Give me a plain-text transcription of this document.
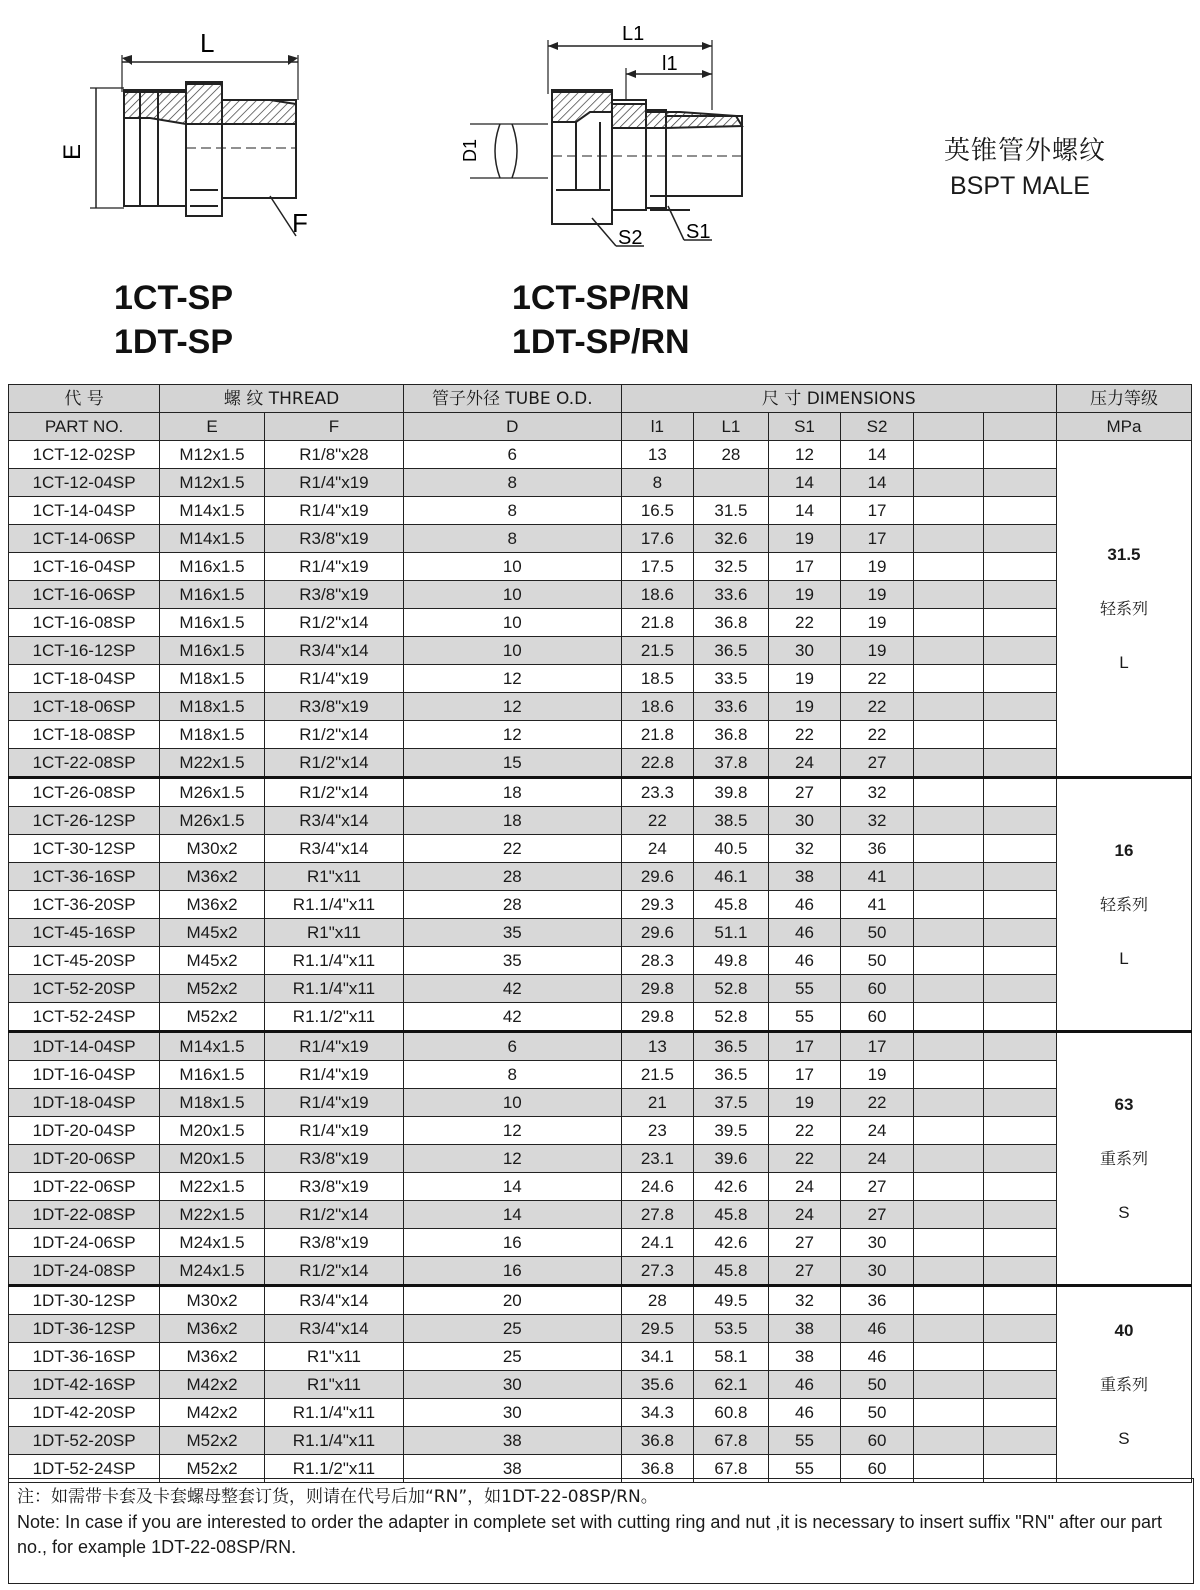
L
E
F
L1
l1
D1
S2 S1
1CT-SP
1DT-SP
1CT-SP/RN
1DT-SP/RN
英锥管外螺纹
BSPT MALE
代 号	螺 纹 THREAD		管子外径 TUBE O.D.	尺 寸 DIMENSIONS						压力等级
PART NO.	E	F	D	l1	L1	S1	S2			MPa
1CT-12-02SP	M12x1.5	R1/8"x28	6	13	28	12	14			31.5
轻系列
L

1CT-12-04SP	M12x1.5	R1/4"x19	8	8		14	14			
1CT-14-04SP	M14x1.5	R1/4"x19	8	16.5	31.5	14	17			
1CT-14-06SP	M14x1.5	R3/8"x19	8	17.6	32.6	19	17			
1CT-16-04SP	M16x1.5	R1/4"x19	10	17.5	32.5	17	19			
1CT-16-06SP	M16x1.5	R3/8"x19	10	18.6	33.6	19	19			
1CT-16-08SP	M16x1.5	R1/2"x14	10	21.8	36.8	22	19			
1CT-16-12SP	M16x1.5	R3/4"x14	10	21.5	36.5	30	19			
1CT-18-04SP	M18x1.5	R1/4"x19	12	18.5	33.5	19	22			
1CT-18-06SP	M18x1.5	R3/8"x19	12	18.6	33.6	19	22			
1CT-18-08SP	M18x1.5	R1/2"x14	12	21.8	36.8	22	22			
1CT-22-08SP	M22x1.5	R1/2"x14	15	22.8	37.8	24	27			
1CT-26-08SP	M26x1.5	R1/2"x14	18	23.3	39.8	27	32			16
轻系列
L

1CT-26-12SP	M26x1.5	R3/4"x14	18	22	38.5	30	32			
1CT-30-12SP	M30x2	R3/4"x14	22	24	40.5	32	36			
1CT-36-16SP	M36x2	R1"x11	28	29.6	46.1	38	41			
1CT-36-20SP	M36x2	R1.1/4"x11	28	29.3	45.8	46	41			
1CT-45-16SP	M45x2	R1"x11	35	29.6	51.1	46	50			
1CT-45-20SP	M45x2	R1.1/4"x11	35	28.3	49.8	46	50			
1CT-52-20SP	M52x2	R1.1/4"x11	42	29.8	52.8	55	60			
1CT-52-24SP	M52x2	R1.1/2"x11	42	29.8	52.8	55	60			
1DT-14-04SP	M14x1.5	R1/4"x19	6	13	36.5	17	17			63
重系列
S

1DT-16-04SP	M16x1.5	R1/4"x19	8	21.5	36.5	17	19			
1DT-18-04SP	M18x1.5	R1/4"x19	10	21	37.5	19	22			
1DT-20-04SP	M20x1.5	R1/4"x19	12	23	39.5	22	24			
1DT-20-06SP	M20x1.5	R3/8"x19	12	23.1	39.6	22	24			
1DT-22-06SP	M22x1.5	R3/8"x19	14	24.6	42.6	24	27			
1DT-22-08SP	M22x1.5	R1/2"x14	14	27.8	45.8	24	27			
1DT-24-06SP	M24x1.5	R3/8"x19	16	24.1	42.6	27	30			
1DT-24-08SP	M24x1.5	R1/2"x14	16	27.3	45.8	27	30			
1DT-30-12SP	M30x2	R3/4"x14	20	28	49.5	32	36			40
重系列
S

1DT-36-12SP	M36x2	R3/4"x14	25	29.5	53.5	38	46			
1DT-36-16SP	M36x2	R1"x11	25	34.1	58.1	38	46			
1DT-42-16SP	M42x2	R1"x11	30	35.6	62.1	46	50			
1DT-42-20SP	M42x2	R1.1/4"x11	30	34.3	60.8	46	50			
1DT-52-20SP	M52x2	R1.1/4"x11	38	36.8	67.8	55	60			
1DT-52-24SP	M52x2	R1.1/2"x11	38	36.8	67.8	55	60			
注：如需带卡套及卡套螺母整套订货，则请在代号后加“RN”，如1DT-22-08SP/RN。
Note: In case if you are interested to order the adapter in complete set with cutting ring and nut ,it is necessary to insert suffix "RN" after our part no., for example 1DT-22-08SP/RN.
